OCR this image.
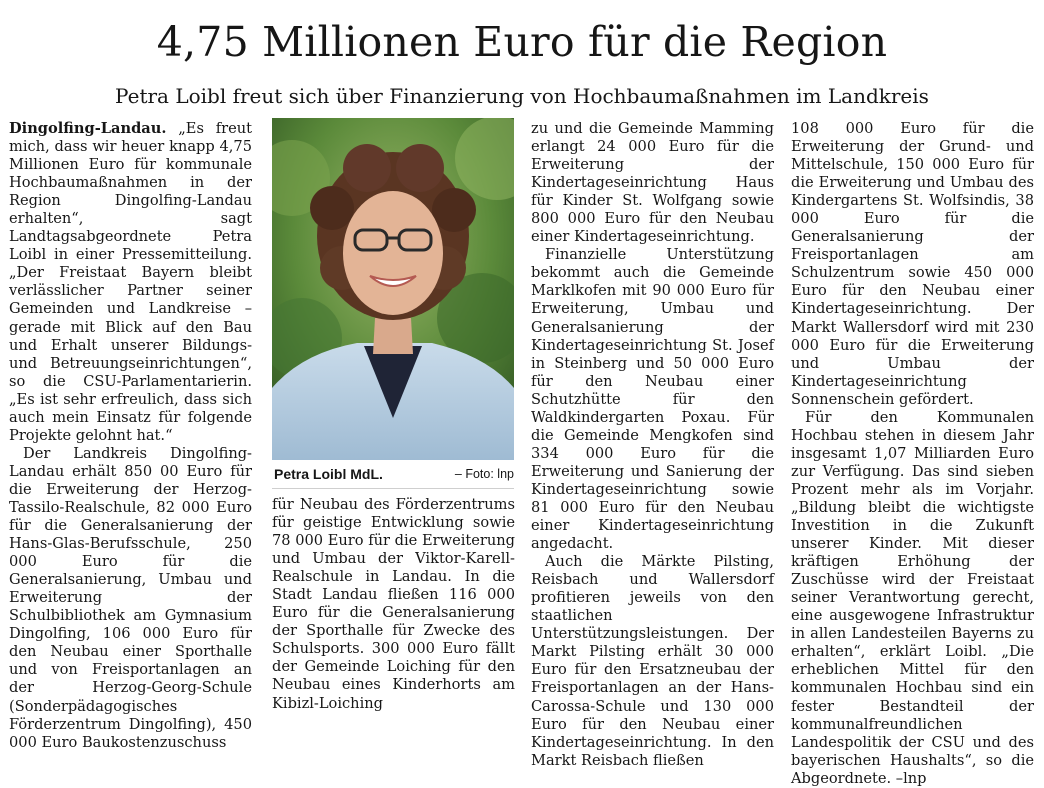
4,75 Millionen Euro für die Region
Petra Loibl freut sich über Finanzierung von Hochbaumaßnahmen im Landkreis

Dingolfing-Landau. „Es freut mich, dass wir heuer knapp 4,75 Millionen Euro für kommunale Hochbaumaßnahmen in der Region Dingolfing-Landau erhalten“, sagt Landtagsabgeordnete Petra Loibl in einer Pressemitteilung. „Der Freistaat Bayern bleibt verlässlicher Partner seiner Gemeinden und Landkreise – gerade mit Blick auf den Bau und Erhalt unserer Bildungs- und Betreuungseinrichtungen“, so die CSU-Parlamentarierin. „Es ist sehr erfreulich, dass sich auch mein Einsatz für folgende Projekte gelohnt hat.“

Der Landkreis Dingolfing-Landau erhält 850 00 Euro für die Erweiterung der Herzog-Tassilo-Realschule, 82 000 Euro für die Generalsanierung der Hans-Glas-Berufsschule, 250 000 Euro für die Generalsanierung, Umbau und Erweiterung der Schulbibliothek am Gymnasium Dingolfing, 106 000 Euro für den Neubau einer Sporthalle und von Freisportanlagen an der Herzog-Georg-Schule (Sonderpädagogisches Förderzentrum Dingolfing), 450 000 Euro Baukostenzuschuss

Petra Loibl MdL.	– Foto: lnp

für Neubau des Förderzentrums für geistige Entwicklung sowie 78 000 Euro für die Erweiterung und Umbau der Viktor-Karell-Realschule in Landau. In die Stadt Landau fließen 116 000 Euro für die Generalsanierung der Sporthalle für Zwecke des Schulsports. 300 000 Euro fällt der Gemeinde Loiching für den Neubau eines Kinderhorts am Kibizl-Loiching

zu und die Gemeinde Mamming erlangt 24 000 Euro für die Erweiterung der Kindertageseinrichtung Haus für Kinder St. Wolfgang sowie 800 000 Euro für den Neubau einer Kindertageseinrichtung.

Finanzielle Unterstützung bekommt auch die Gemeinde Marklkofen mit 90 000 Euro für Erweiterung, Umbau und Generalsanierung der Kindertageseinrichtung St. Josef in Steinberg und 50 000 Euro für den Neubau einer Schutzhütte für den Waldkindergarten Poxau. Für die Gemeinde Mengkofen sind 334 000 Euro für die Erweiterung und Sanierung der Kindertageseinrichtung sowie 81 000 Euro für den Neubau einer Kindertageseinrichtung angedacht.

Auch die Märkte Pilsting, Reisbach und Wallersdorf profitieren jeweils von den staatlichen Unterstützungsleistungen. Der Markt Pilsting erhält 30 000 Euro für den Ersatzneubau der Freisportanlagen an der Hans-Carossa-Schule und 130 000 Euro für den Neubau einer Kindertageseinrichtung. In den Markt Reisbach fließen

108 000 Euro für die Erweiterung der Grund- und Mittelschule, 150 000 Euro für die Erweiterung und Umbau des Kindergartens St. Wolfsindis, 38 000 Euro für die Generalsanierung der Freisportanlagen am Schulzentrum sowie 450 000 Euro für den Neubau einer Kindertageseinrichtung. Der Markt Wallersdorf wird mit 230 000 Euro für die Erweiterung und Umbau der Kindertageseinrichtung Sonnenschein gefördert.

Für den Kommunalen Hochbau stehen in diesem Jahr insgesamt 1,07 Milliarden Euro zur Verfügung. Das sind sieben Prozent mehr als im Vorjahr. „Bildung bleibt die wichtigste Investition in die Zukunft unserer Kinder. Mit dieser kräftigen Erhöhung der Zuschüsse wird der Freistaat seiner Verantwortung gerecht, eine ausgewogene Infrastruktur in allen Landesteilen Bayerns zu erhalten“, erklärt Loibl. „Die erheblichen Mittel für den kommunalen Hochbau sind ein fester Bestandteil der kommunalfreundlichen Landespolitik der CSU und des bayerischen Haushalts“, so die Abgeordnete. –lnp
